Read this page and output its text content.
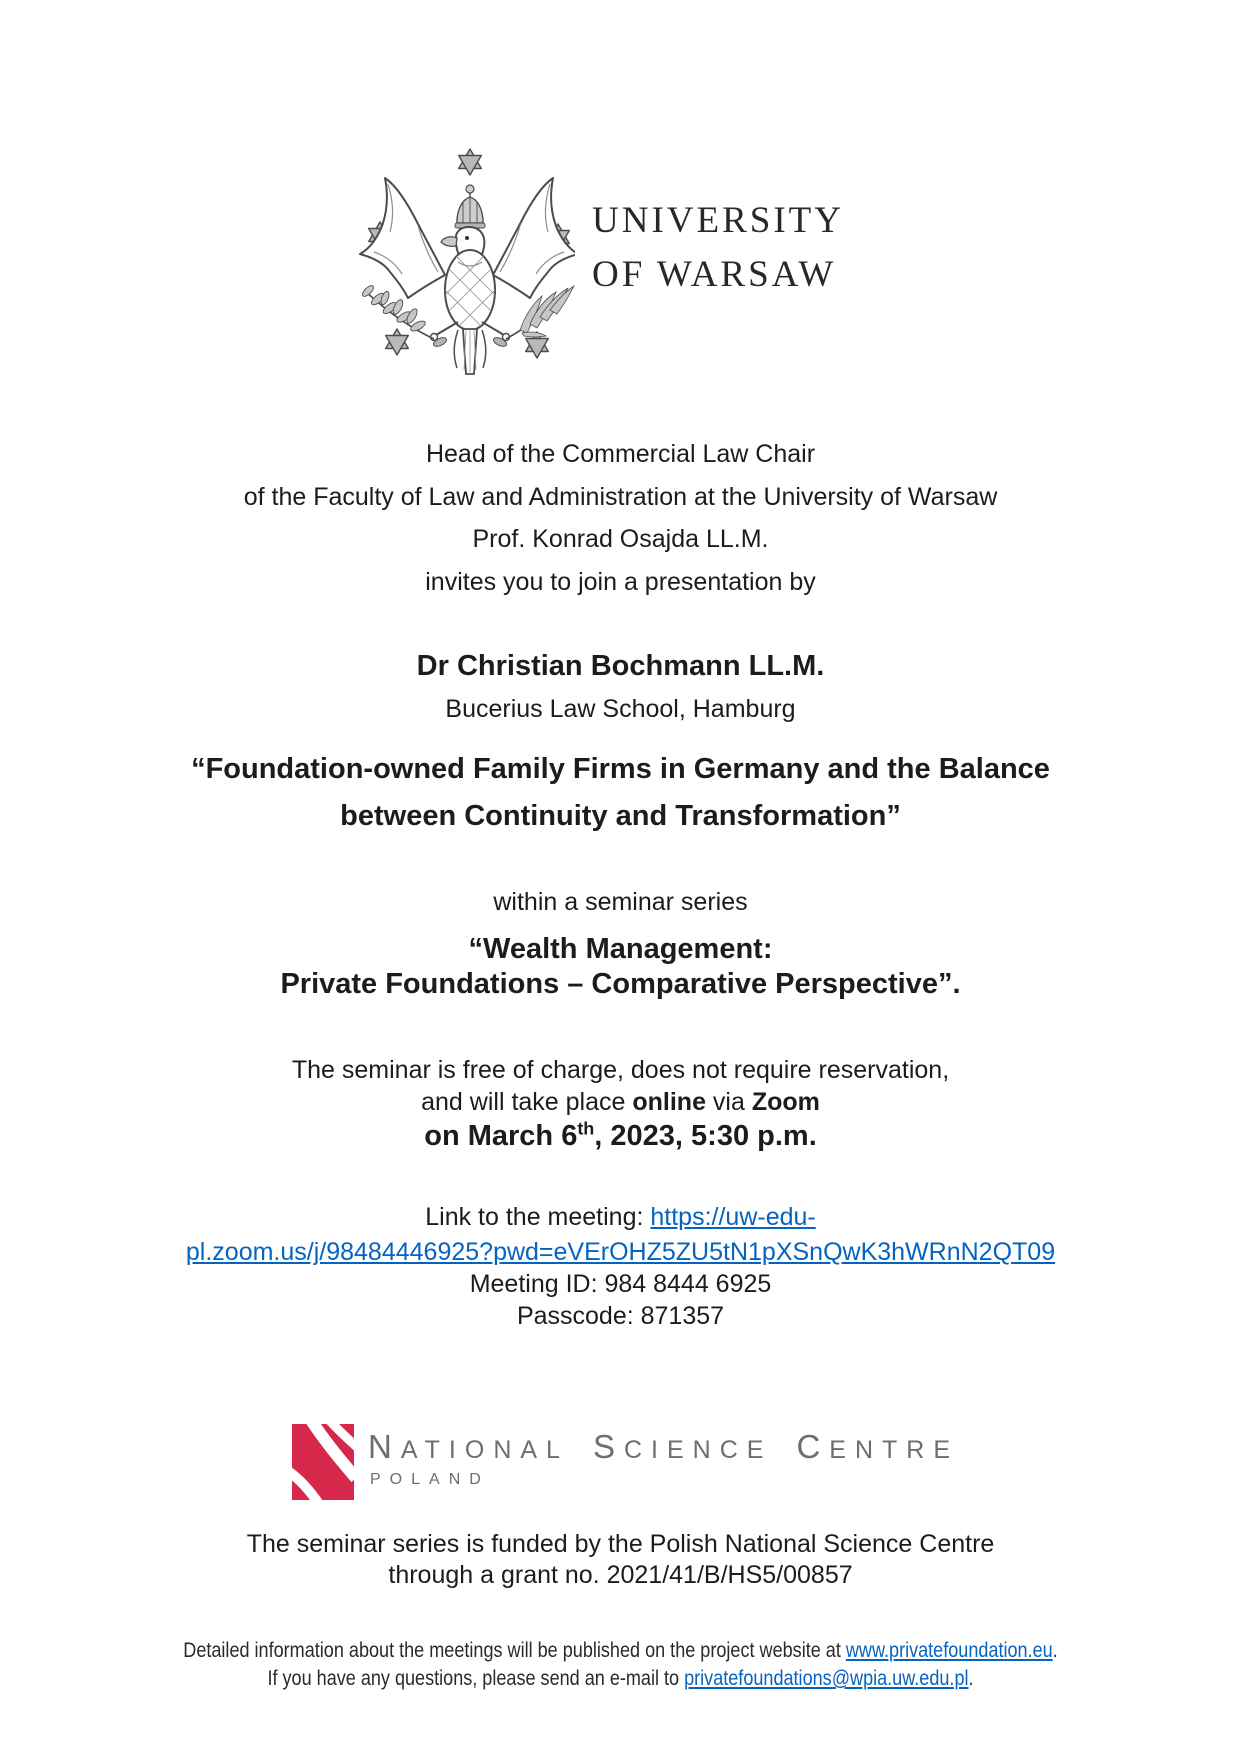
UNIVERSITY
OF WARSAW
Head of the Commercial Law Chair
of the Faculty of Law and Administration at the University of Warsaw
Prof. Konrad Osajda LL.M.
invites you to join a presentation by
Dr Christian Bochmann LL.M.
Bucerius Law School, Hamburg
“Foundation-owned Family Firms in Germany and the Balance
between Continuity and Transformation”
within a seminar series
“Wealth Management:
Private Foundations – Comparative Perspective”.
The seminar is free of charge, does not require reservation,
and will take place online via Zoom
on March 6th, 2023, 5:30 p.m.
Link to the meeting: https://uw-edu-
pl.zoom.us/j/98484446925?pwd=eVErOHZ5ZU5tN1pXSnQwK3hWRnN2QT09
Meeting ID: 984 8444 6925
Passcode: 871357
NATIONAL SCIENCE CENTRE
POLAND
The seminar series is funded by the Polish National Science Centre
through a grant no. 2021/41/B/HS5/00857
Detailed information about the meetings will be published on the project website at www.privatefoundation.eu.
If you have any questions, please send an e-mail to privatefoundations@wpia.uw.edu.pl.
